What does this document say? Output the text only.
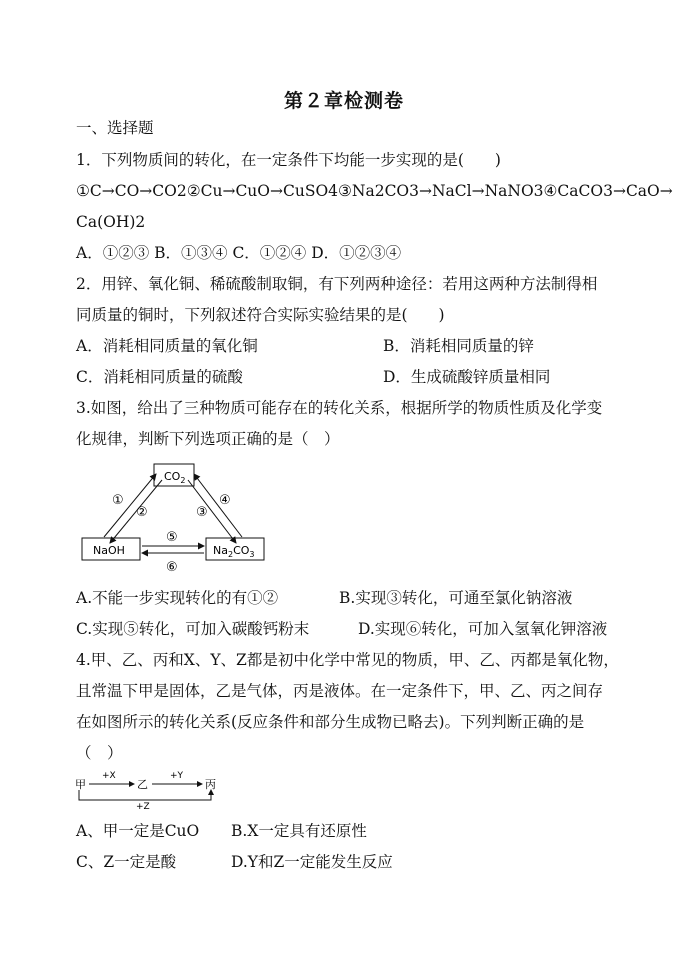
第２章检测卷
一、选择题
1．下列物质间的转化，在一定条件下均能一步实现的是(　　)
①C→CO→CO2②Cu→CuO→CuSO4③Na2CO3→NaCl→NaNO3④CaCO3→CaO→
Ca(OH)2
A．①②③ B．①③④ C．①②④ D．①②③④
2．用锌、氧化铜、稀硫酸制取铜，有下列两种途径：若用这两种方法制得相
同质量的铜时，下列叙述符合实际实验结果的是(　　)
A．消耗相同质量的氧化铜	B．消耗相同质量的锌
C．消耗相同质量的硫酸	D．生成硫酸锌质量相同
3.如图，给出了三种物质可能存在的转化关系，根据所学的物质性质及化学变
化规律，判断下列选项正确的是（　）
$CO_2$
NaOH	$Na_2CO_3$
①
②	③
④
⑤
⑥
A.不能一步实现转化的有①②	B.实现③转化，可通至氯化钠溶液
C.实现⑤转化，可加入碳酸钙粉末	D.实现⑥转化，可加入氢氧化钾溶液
4.甲、乙、丙和X、Y、Z都是初中化学中常见的物质，甲、乙、丙都是氧化物，
且常温下甲是固体，乙是气体，丙是液体。在一定条件下，甲、乙、丙之间存
在如图所示的转化关系(反应条件和部分生成物已略去)。下列判断正确的是
（　）
甲	乙	丙
+X	+Y
+Z
A、甲一定是CuO B.X一定具有还原性
C、Z一定是酸	D.Y和Z一定能发生反应
